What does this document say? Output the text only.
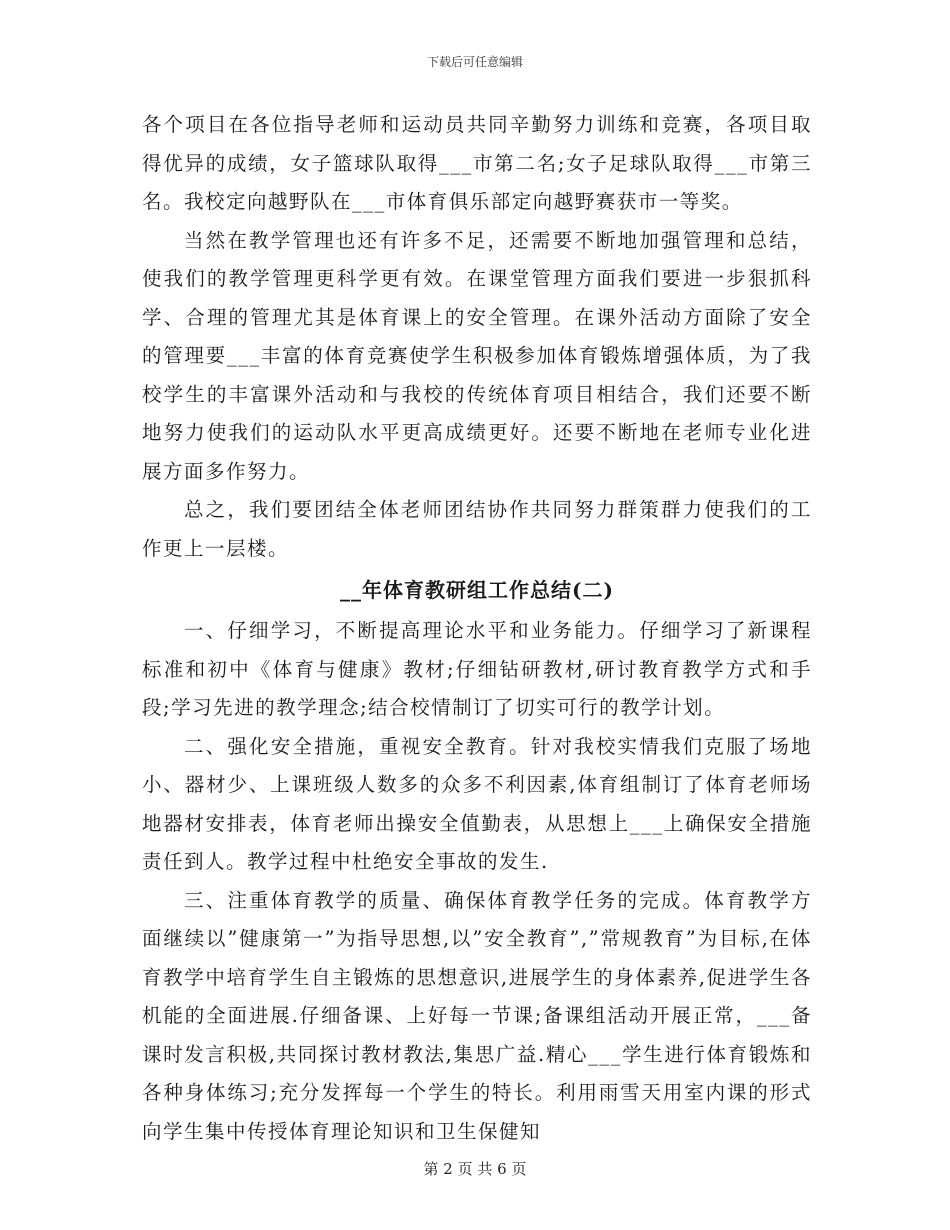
下载后可任意编辑

各个项目在各位指导老师和运动员共同辛勤努力训练和竞赛，各项目取得优异的成绩，女子篮球队取得___市第二名;女子足球队取得___市第三名。我校定向越野队在___市体育俱乐部定向越野赛获市一等奖。

当然在教学管理也还有许多不足，还需要不断地加强管理和总结，使我们的教学管理更科学更有效。在课堂管理方面我们要进一步狠抓科学、合理的管理尤其是体育课上的安全管理。在课外活动方面除了安全的管理要___丰富的体育竞赛使学生积极参加体育锻炼增强体质，为了我校学生的丰富课外活动和与我校的传统体育项目相结合，我们还要不断地努力使我们的运动队水平更高成绩更好。还要不断地在老师专业化进展方面多作努力。

总之，我们要团结全体老师团结协作共同努力群策群力使我们的工作更上一层楼。

__年体育教研组工作总结(二)

一、仔细学习，不断提高理论水平和业务能力。仔细学习了新课程标准和初中《体育与健康》教材;仔细钻研教材,研讨教育教学方式和手段;学习先进的教学理念;结合校情制订了切实可行的教学计划。

二、强化安全措施，重视安全教育。针对我校实情我们克服了场地小、器材少、上课班级人数多的众多不利因素,体育组制订了体育老师场地器材安排表，体育老师出操安全值勤表，从思想上___上确保安全措施责任到人。教学过程中杜绝安全事故的发生.

三、注重体育教学的质量、确保体育教学任务的完成。体育教学方面继续以”健康第一”为指导思想,以”安全教育”,”常规教育”为目标,在体育教学中培育学生自主锻炼的思想意识,进展学生的身体素养,促进学生各机能的全面进展.仔细备课、上好每一节课;备课组活动开展正常，___备课时发言积极,共同探讨教材教法,集思广益.精心___学生进行体育锻炼和各种身体练习;充分发挥每一个学生的特长。利用雨雪天用室内课的形式向学生集中传授体育理论知识和卫生保健知

第 2 页 共 6 页
